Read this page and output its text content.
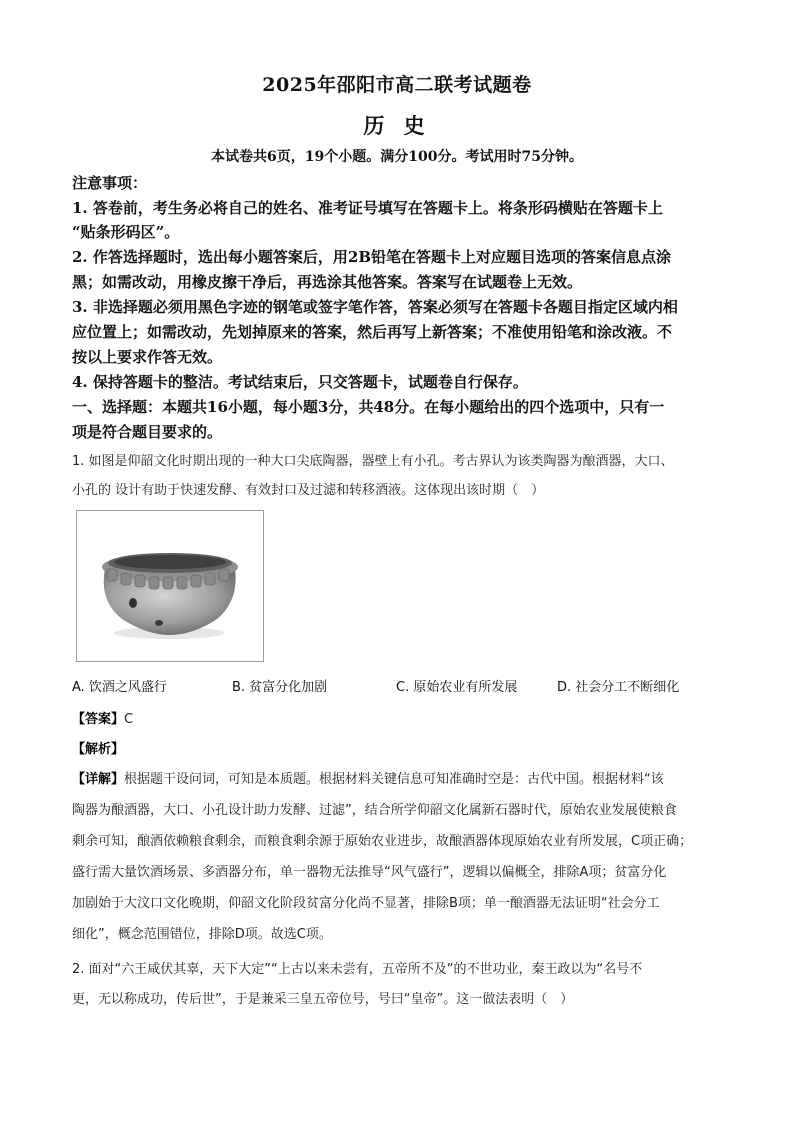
2025年邵阳市高二联考试题卷
历 史
本试卷共6页，19个小题。满分100分。考试用时75分钟。
注意事项：
1. 答卷前，考生务必将自己的姓名、准考证号填写在答题卡上。将条形码横贴在答题卡上
“贴条形码区”。
2. 作答选择题时，选出每小题答案后，用2B铅笔在答题卡上对应题目选项的答案信息点涂
黑；如需改动，用橡皮擦干净后，再选涂其他答案。答案写在试题卷上无效。
3. 非选择题必须用黑色字迹的钢笔或签字笔作答，答案必须写在答题卡各题目指定区域内相
应位置上；如需改动，先划掉原来的答案，然后再写上新答案；不准使用铅笔和涂改液。不
按以上要求作答无效。
4. 保持答题卡的整洁。考试结束后，只交答题卡，试题卷自行保存。
一、选择题：本题共16小题，每小题3分，共48分。在每小题给出的四个选项中，只有一
项是符合题目要求的。
1. 如图是仰韶文化时期出现的一种大口尖底陶器，器壁上有小孔。考古界认为该类陶器为酿酒器，大口、
小孔的 设计有助于快速发酵、有效封口及过滤和转移酒液。这体现出该时期（　）
A. 饮酒之风盛行	B. 贫富分化加剧	C. 原始农业有所发展	D. 社会分工不断细化
【答案】C
【解析】
【详解】根据题干设问词，可知是本质题。根据材料关键信息可知准确时空是：古代中国。根据材料“该
陶器为酿酒器，大口、小孔设计助力发酵、过滤”，结合所学仰韶文化属新石器时代，原始农业发展使粮食
剩余可知，酿酒依赖粮食剩余，而粮食剩余源于原始农业进步，故酿酒器体现原始农业有所发展，C项正确；
盛行需大量饮酒场景、多酒器分布，单一器物无法推导“风气盛行”，逻辑以偏概全，排除A项；贫富分化
加剧始于大汶口文化晚期，仰韶文化阶段贫富分化尚不显著，排除B项；单一酿酒器无法证明“社会分工
细化”，概念范围错位，排除D项。故选C项。
2. 面对“六王咸伏其辜，天下大定”“上古以来未尝有，五帝所不及”的不世功业，秦王政以为“名号不
更，无以称成功，传后世”，于是兼采三皇五帝位号，号曰“皇帝”。这一做法表明（　）
